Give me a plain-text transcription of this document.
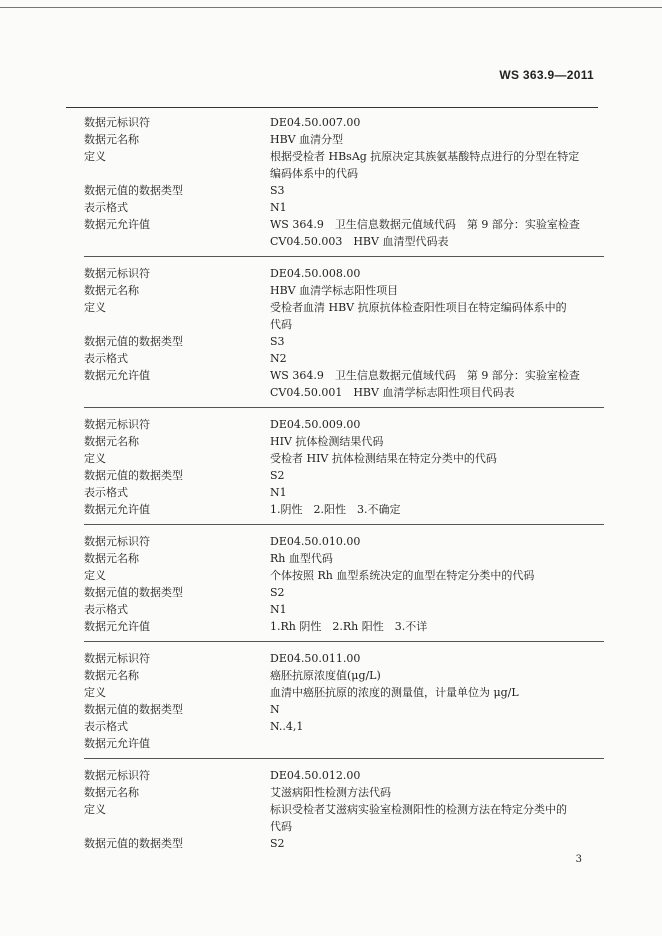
WS 363.9—2011
数据元标识符	DE04.50.007.00
数据元名称	HBV 血清分型
定义	根据受检者 HBsAg 抗原决定其族氨基酸特点进行的分型在特定
编码体系中的代码
数据元值的数据类型	S3
表示格式	N1
数据元允许值	WS 364.9　卫生信息数据元值域代码　第 9 部分：实验室检查
CV04.50.003　HBV 血清型代码表
数据元标识符	DE04.50.008.00
数据元名称	HBV 血清学标志阳性项目
定义	受检者血清 HBV 抗原抗体检查阳性项目在特定编码体系中的
代码
数据元值的数据类型	S3
表示格式	N2
数据元允许值	WS 364.9　卫生信息数据元值域代码　第 9 部分：实验室检查
CV04.50.001　HBV 血清学标志阳性项目代码表
数据元标识符	DE04.50.009.00
数据元名称	HIV 抗体检测结果代码
定义	受检者 HIV 抗体检测结果在特定分类中的代码
数据元值的数据类型	S2
表示格式	N1
数据元允许值	1.阴性　2.阳性　3.不确定
数据元标识符	DE04.50.010.00
数据元名称	Rh 血型代码
定义	个体按照 Rh 血型系统决定的血型在特定分类中的代码
数据元值的数据类型	S2
表示格式	N1
数据元允许值	1.Rh 阴性　2.Rh 阳性　3.不详
数据元标识符	DE04.50.011.00
数据元名称	癌胚抗原浓度值(μg/L)
定义	血清中癌胚抗原的浓度的测量值，计量单位为 μg/L
数据元值的数据类型	N
表示格式	N..4,1
数据元允许值

数据元标识符	DE04.50.012.00
数据元名称	艾滋病阳性检测方法代码
定义	标识受检者艾滋病实验室检测阳性的检测方法在特定分类中的
代码
数据元值的数据类型	S2
3
